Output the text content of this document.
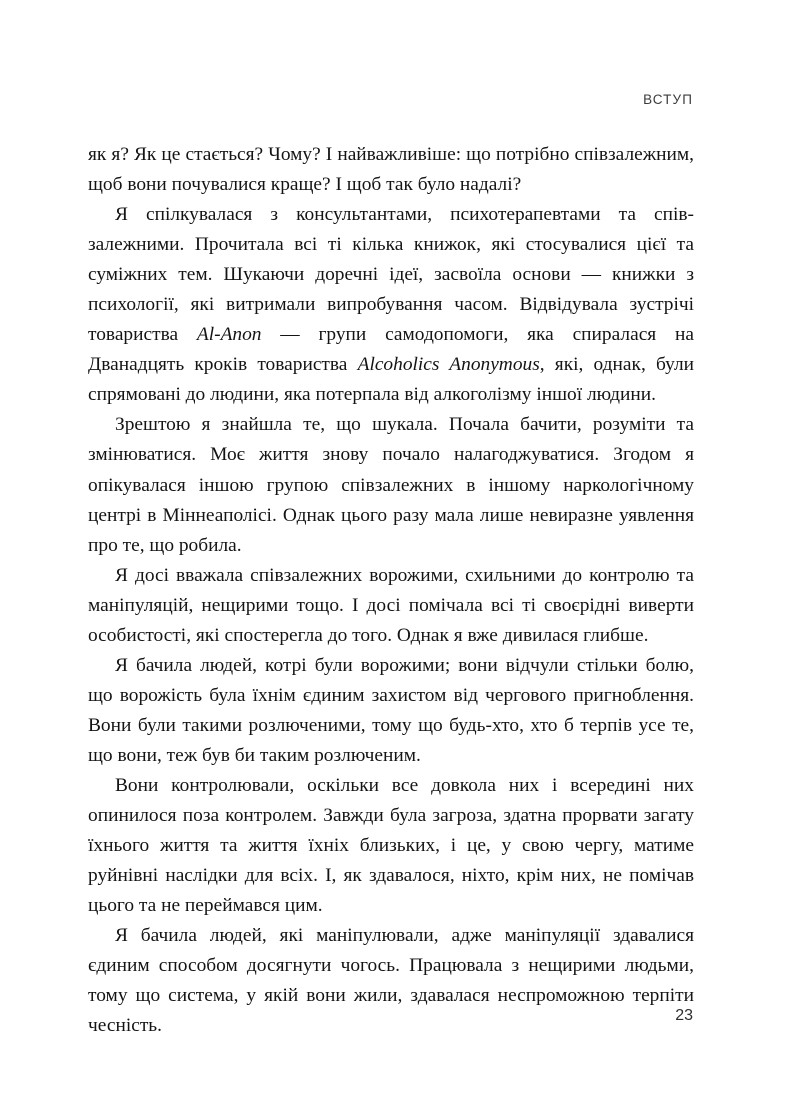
ВСТУП

як я? Як це стається? Чому? І найважливіше: що потрібно співзалежним, щоб вони почувалися краще? І щоб так було надалі?

Я спілкувалася з консультантами, психотерапевтами та співзалежними. Прочитала всі ті кілька книжок, які стосувалися цієї та суміжних тем. Шукаючи доречні ідеї, засвоїла основи — книжки з психології, які витримали випробування часом. Відвідувала зустрічі товариства Al-Anon — групи самодопомоги, яка спиралася на Дванадцять кроків товариства Alcoholics Anonymous, які, однак, були спрямовані до людини, яка потерпала від алкоголізму іншої людини.

Зрештою я знайшла те, що шукала. Почала бачити, розуміти та змінюватися. Моє життя знову почало налагоджуватися. Згодом я опікувалася іншою групою співзалежних в іншому наркологічному центрі в Міннеаполісі. Однак цього разу мала лише невиразне уявлення про те, що робила.

Я досі вважала співзалежних ворожими, схильними до контролю та маніпуляцій, нещирими тощо. І досі помічала всі ті своєрідні виверти особистості, які спостерегла до того. Однак я вже дивилася глибше.

Я бачила людей, котрі були ворожими; вони відчули стільки болю, що ворожість була їхнім єдиним захистом від чергового пригноблення. Вони були такими розлюченими, тому що будь-хто, хто б терпів усе те, що вони, теж був би таким розлюченим.

Вони контролювали, оскільки все довкола них і всередині них опинилося поза контролем. Завжди була загроза, здатна прорвати загату їхнього життя та життя їхніх близьких, і це, у свою чергу, матиме руйнівні наслідки для всіх. І, як здавалося, ніхто, крім них, не помічав цього та не переймався цим.

Я бачила людей, які маніпулювали, адже маніпуляції здавалися єдиним способом досягнути чогось. Працювала з нещирими людьми, тому що система, у якій вони жили, здавалася неспроможною терпіти чесність.	23
